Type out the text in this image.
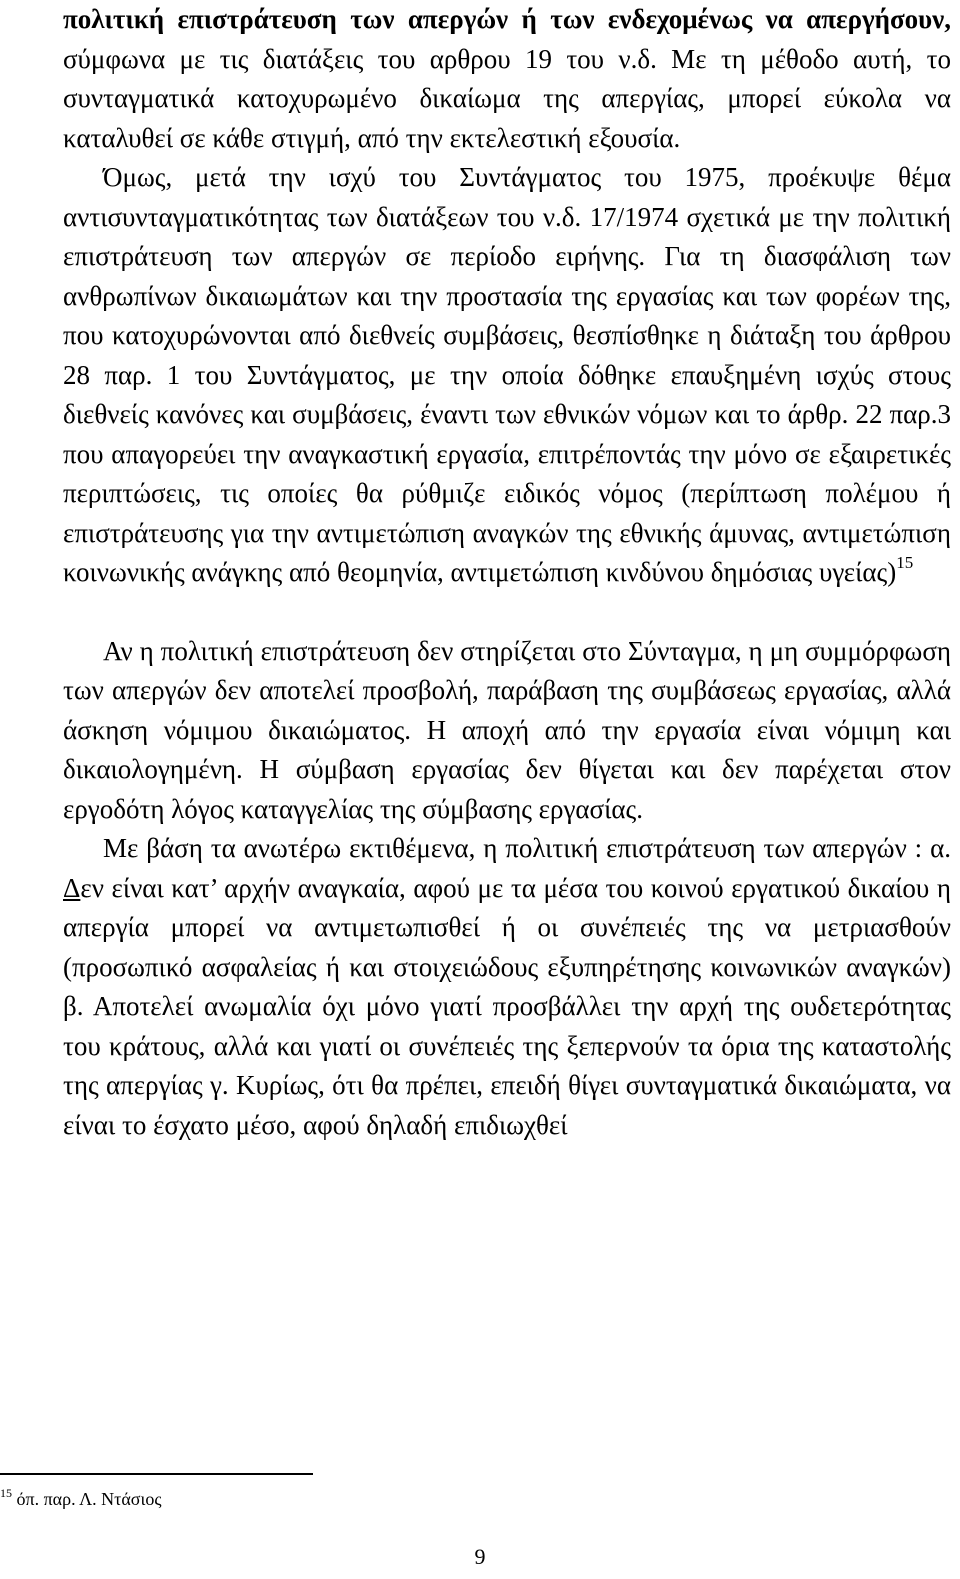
πολιτική επιστράτευση των απεργών ή των ενδεχομένως να απεργήσουν, σύμφωνα με τις διατάξεις του αρθρου 19 του ν.δ. Με τη μέθοδο αυτή, το συνταγματικά κατοχυρωμένο δικαίωμα της απεργίας, μπορεί εύκολα να καταλυθεί σε κάθε στιγμή, από την εκτελεστική εξουσία.

Όμως, μετά την ισχύ του Συντάγματος του 1975, προέκυψε θέμα αντισυνταγματικότητας των διατάξεων του ν.δ. 17/1974 σχετικά με την πολιτική επιστράτευση των απεργών σε περίοδο ειρήνης. Για τη διασφάλιση των ανθρωπίνων δικαιωμάτων και την προστασία της εργασίας και των φορέων της, που κατοχυρώνονται από διεθνείς συμβάσεις, θεσπίσθηκε η διάταξη του άρθρου 28 παρ. 1 του Συντάγματος, με την οποία δόθηκε επαυξημένη ισχύς στους διεθνείς κανόνες και συμβάσεις, έναντι των εθνικών νόμων και το άρθρ. 22 παρ.3 που απαγορεύει την αναγκαστική εργασία, επιτρέποντάς την μόνο σε εξαιρετικές περιπτώσεις, τις οποίες θα ρύθμιζε ειδικός νόμος (περίπτωση πολέμου ή επιστράτευσης για την αντιμετώπιση αναγκών της εθνικής άμυνας, αντιμετώπιση κοινωνικής ανάγκης από θεομηνία, αντιμετώπιση κινδύνου δημόσιας υγείας)$^{15}$

Αν η πολιτική επιστράτευση δεν στηρίζεται στο Σύνταγμα, η μη συμμόρφωση των απεργών δεν αποτελεί προσβολή, παράβαση της συμβάσεως εργασίας, αλλά άσκηση νόμιμου δικαιώματος. Η αποχή από την εργασία είναι νόμιμη και δικαιολογημένη. Η σύμβαση εργασίας δεν θίγεται και δεν παρέχεται στον εργοδότη λόγος καταγγελίας της σύμβασης εργασίας.

Με βάση τα ανωτέρω εκτιθέμενα, η πολιτική επιστράτευση των απεργών : α. Δεν είναι κατ’ αρχήν αναγκαία, αφού με τα μέσα του κοινού εργατικού δικαίου η απεργία μπορεί να αντιμετωπισθεί ή οι συνέπειές της να μετριασθούν (προσωπικό ασφαλείας ή και στοιχειώδους εξυπηρέτησης κοινωνικών αναγκών) β. Αποτελεί ανωμαλία όχι μόνο γιατί προσβάλλει την αρχή της ουδετερότητας του κράτους, αλλά και γιατί οι συνέπειές της ξεπερνούν τα όρια της καταστολής της απεργίας γ. Κυρίως, ότι θα πρέπει, επειδή θίγει συνταγματικά δικαιώματα, να είναι το έσχατο μέσο, αφού δηλαδή επιδιωχθεί

$^{15}$ όπ. παρ. Λ. Ντάσιος
9
